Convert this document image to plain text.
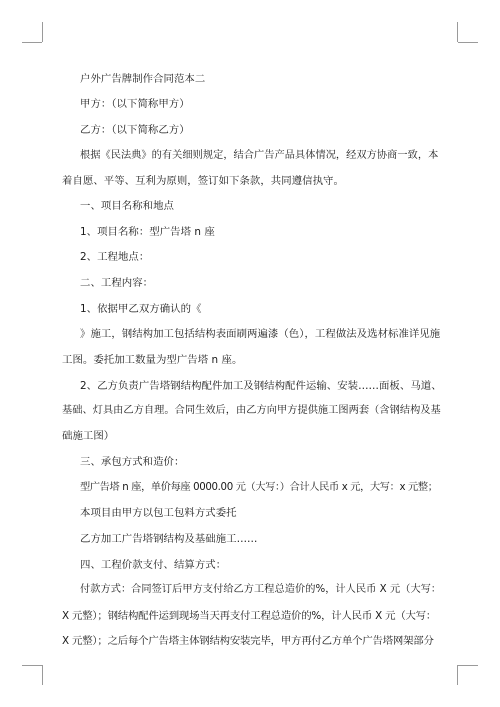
户外广告牌制作合同范本二
甲方：（以下简称甲方）
乙方：（以下简称乙方）
根据《民法典》的有关细则规定，结合广告产品具体情况，经双方协商一致，本
着自愿、平等、互利为原则，签订如下条款，共同遵信执守。
一、项目名称和地点
1、项目名称：型广告塔 n 座
2、工程地点：
二、工程内容：
1、依据甲乙双方确认的《
》施工，钢结构加工包括结构表面刷两遍漆（色），工程做法及选材标准详见施
工图。委托加工数量为型广告塔 n 座。
2、乙方负责广告塔钢结构配件加工及钢结构配件运输、安装……面板、马道、
基础、灯具由乙方自理。合同生效后，由乙方向甲方提供施工图两套（含钢结构及基
础施工图）
三、承包方式和造价：
型广告塔 n 座，单价每座 0000.00 元（大写：）合计人民币 x 元，大写：x 元整；
本项目由甲方以包工包料方式委托
乙方加工广告塔钢结构及基础施工……
四、工程价款支付、结算方式：
付款方式：合同签订后甲方支付给乙方工程总造价的%，计人民币 X 元（大写：
X 元整）；钢结构配件运到现场当天再支付工程总造价的%，计人民币 X 元（大写：
X 元整）；之后每个广告塔主体钢结构安装完毕，甲方再付乙方单个广告塔网架部分
